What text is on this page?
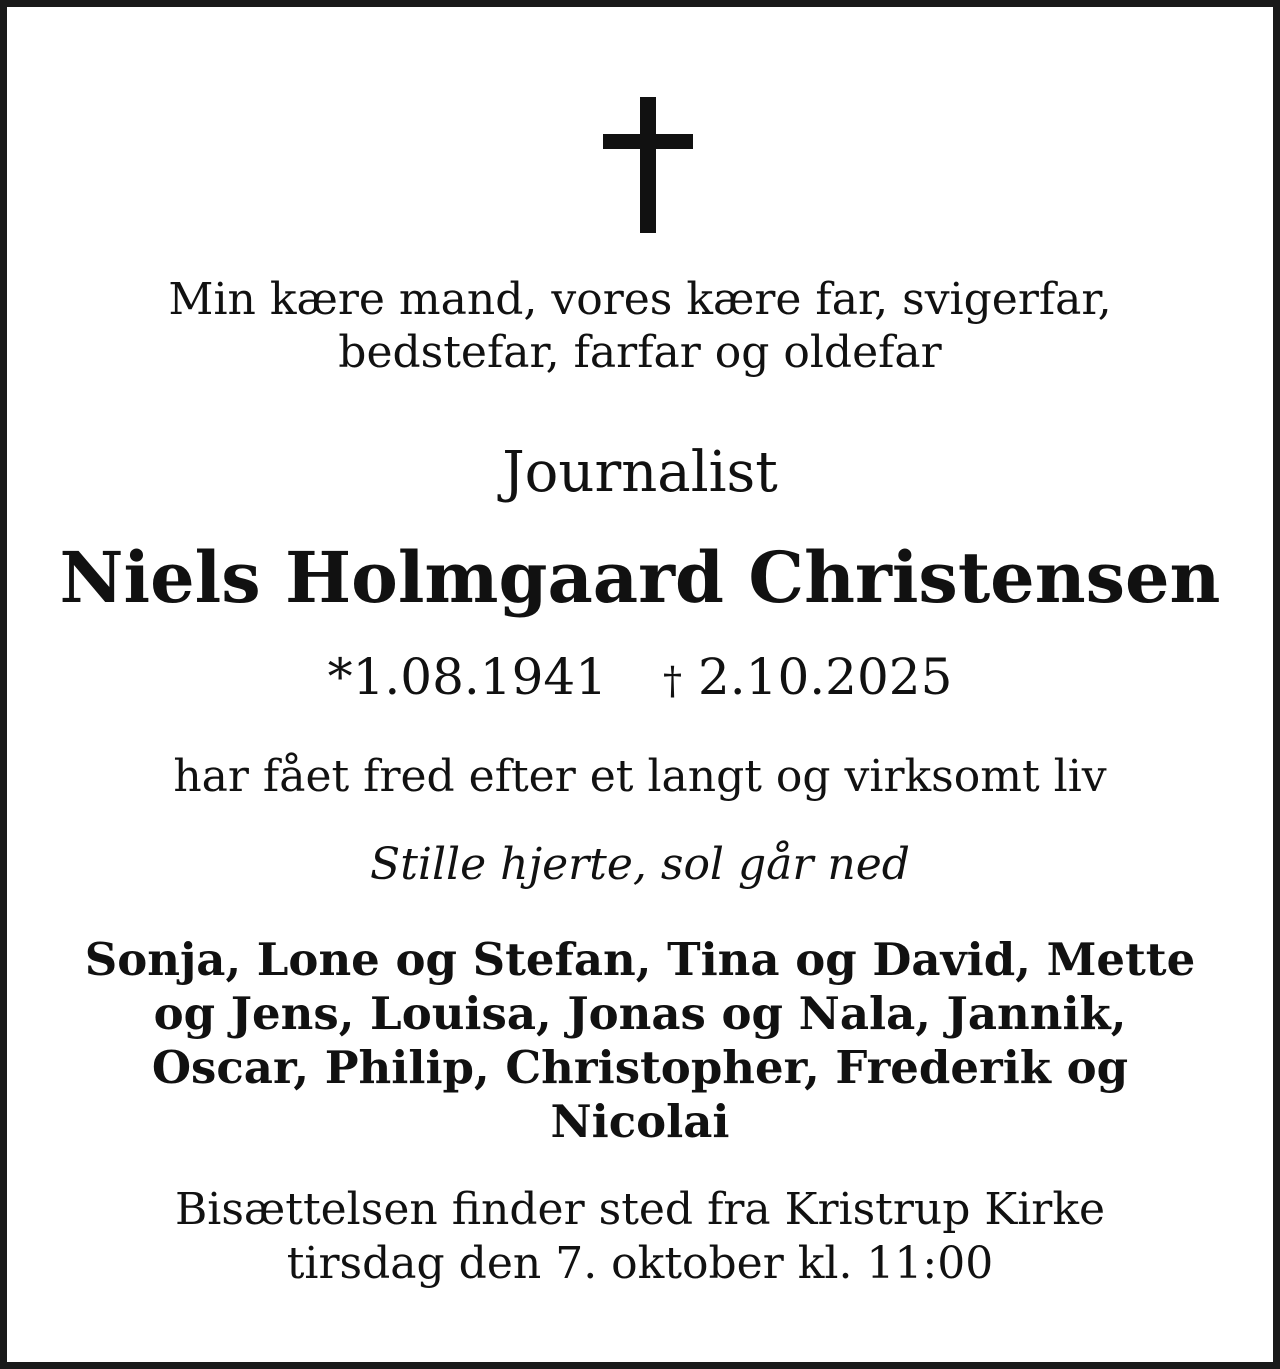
Min kære mand, vores kære far, svigerfar,
bedstefar, farfar og oldefar

Journalist

Niels Holmgaard Christensen

*1.08.1941 † 2.10.2025

har fået fred efter et langt og virksomt liv

Stille hjerte, sol går ned

Sonja, Lone og Stefan, Tina og David, Mette
og Jens, Louisa, Jonas og Nala, Jannik,
Oscar, Philip, Christopher, Frederik og
Nicolai

Bisættelsen finder sted fra Kristrup Kirke
tirsdag den 7. oktober kl. 11:00
